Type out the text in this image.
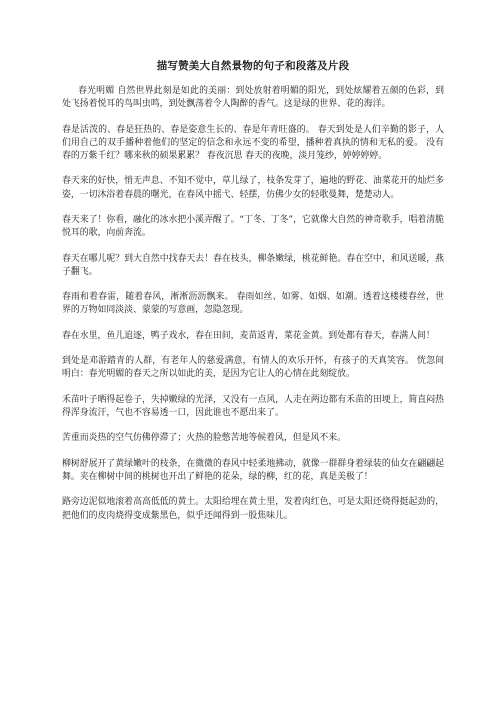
描写赞美大自然景物的句子和段落及片段

春光明媚 自然世界此刻是如此的美丽：到处放射着明媚的阳光，到处炫耀着五颜的色彩，到处飞扬着悦耳的鸟叫虫鸣，到处飘荡着令人陶醉的香气。这是绿的世界、花的海洋。

春是活泼的、春是狂热的、春是姿意生长的、春是年青旺盛的。 春天到处是人们辛勤的影子，人们用自己的双手播种着他们的坚定的信念和永远不变的希望，播种着真执的情和无私的爱。 没有春的万紫千红？哪来秋的硕果累累？ 春夜沉思 春天的夜晚，淡月笼纱，婷婷婷婷。

春天来的好快，悄无声息、不知不觉中，草儿绿了，枝条发芽了，遍地的野花、油菜花开的灿烂多姿，一切沐浴着春晨的曙光，在春风中摇弋、轻摆，仿佛少女的轻歌曼舞，楚楚动人。

春天来了！你看，融化的冰水把小溪弄醒了。“丁冬、丁冬”，它就像大自然的神奇歌手，唱着清脆悦耳的歌，向前奔流。

春天在哪儿呢？到大自然中找春天去！春在枝头，柳条嫩绿，桃花鲜艳。春在空中，和风送暖，燕子翻飞。

春雨和着春雷，随着春风，淅淅沥沥飘来。 春雨如丝、如雾、如烟、如潮。透着这楼楼春丝，世界的万物如同淡淡、蒙蒙的写意画，忽隐忽现。

春在水里，鱼儿追逐，鸭子戏水，春在田间，麦苗返青，菜花金黄。到处都有春天，春满人间！

到处是邓游踏青的人群，有老年人的慈爱满意，有情人的欢乐开怀，有孩子的天真笑容。 恍忽间明白：春光明媚的春天之所以如此的美，是因为它让人的心情在此刻绽放。

禾苗叶子晒得起卷子，失掉嫩绿的光泽，又没有一点风，人走在两边都有禾苗的田埂上，简直闷热得浑身流汗，气也不容易透一口，因此谁也不愿出来了。

苦重而炎热的空气仿佛停滞了；火热的脸憋苦地等候着风，但是风不来。

柳树舒展开了黄绿嫩叶的枝条，在微微的春风中轻柔地拂动，就像一群群身着绿装的仙女在翩翩起舞。夹在柳树中间的桃树也开出了鲜艳的花朵，绿的柳，红的花，真是美极了！

路旁边泥似地滚着高高低低的黄土。太阳给埋在黄土里，发着肉红色，可是太阳还烧得挺起劲的，把他们的皮肉烧得变成紫黑色，似乎还闻得到一股焦味儿。
